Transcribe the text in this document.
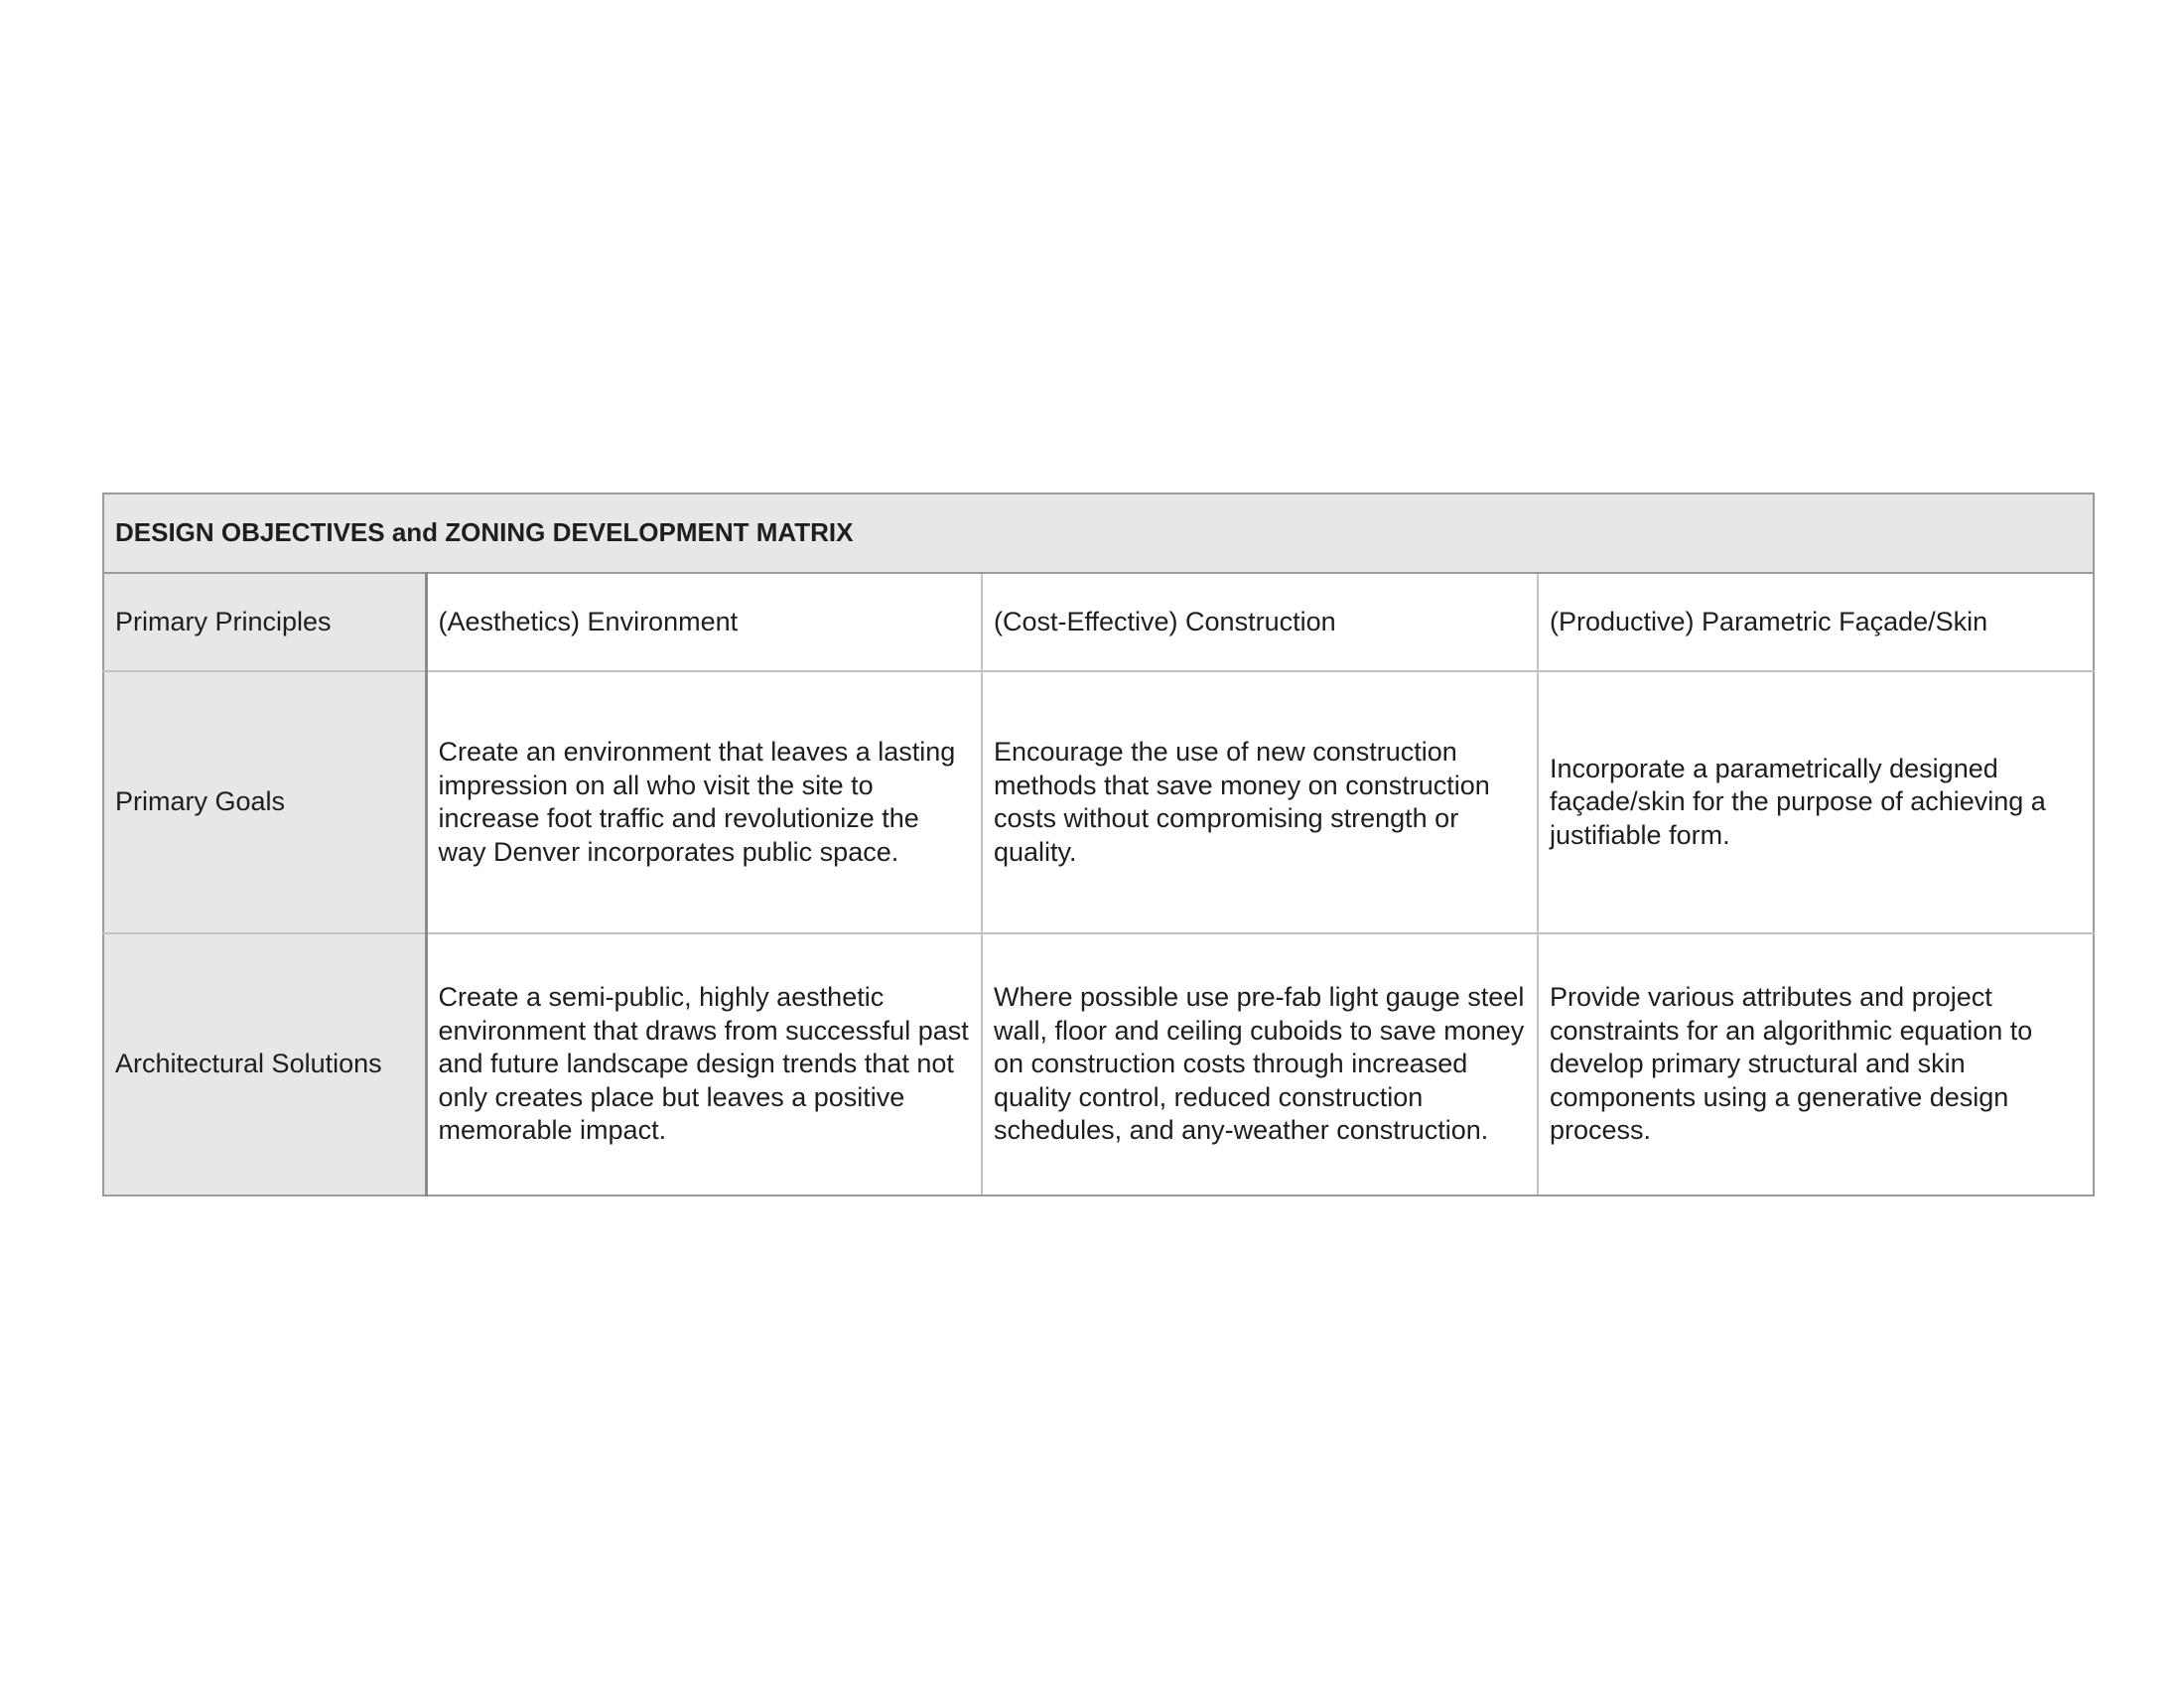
DESIGN OBJECTIVES and ZONING DEVELOPMENT MATRIX			
Primary Principles	(Aesthetics) Environment	(Cost-Effective) Construction	(Productive) Parametric Façade/Skin
Primary Goals	Create an environment that leaves a lasting impression on all who visit the site to increase foot traffic and revolutionize the way Denver incorporates public space.	Encourage the use of new construction methods that save money on construction costs without compromising strength or quality.	Incorporate a parametrically designed façade/skin for the purpose of achieving a justifiable form.
Architectural Solutions	Create a semi-public, highly aesthetic environment that draws from successful past and future landscape design trends that not only creates place but leaves a positive memorable impact.	Where possible use pre-fab light gauge steel wall, floor and ceiling cuboids to save money on construction costs through increased quality control, reduced construction schedules, and any-weather construction.	Provide various attributes and project constraints for an algorithmic equation to develop primary structural and skin components using a generative design process.
